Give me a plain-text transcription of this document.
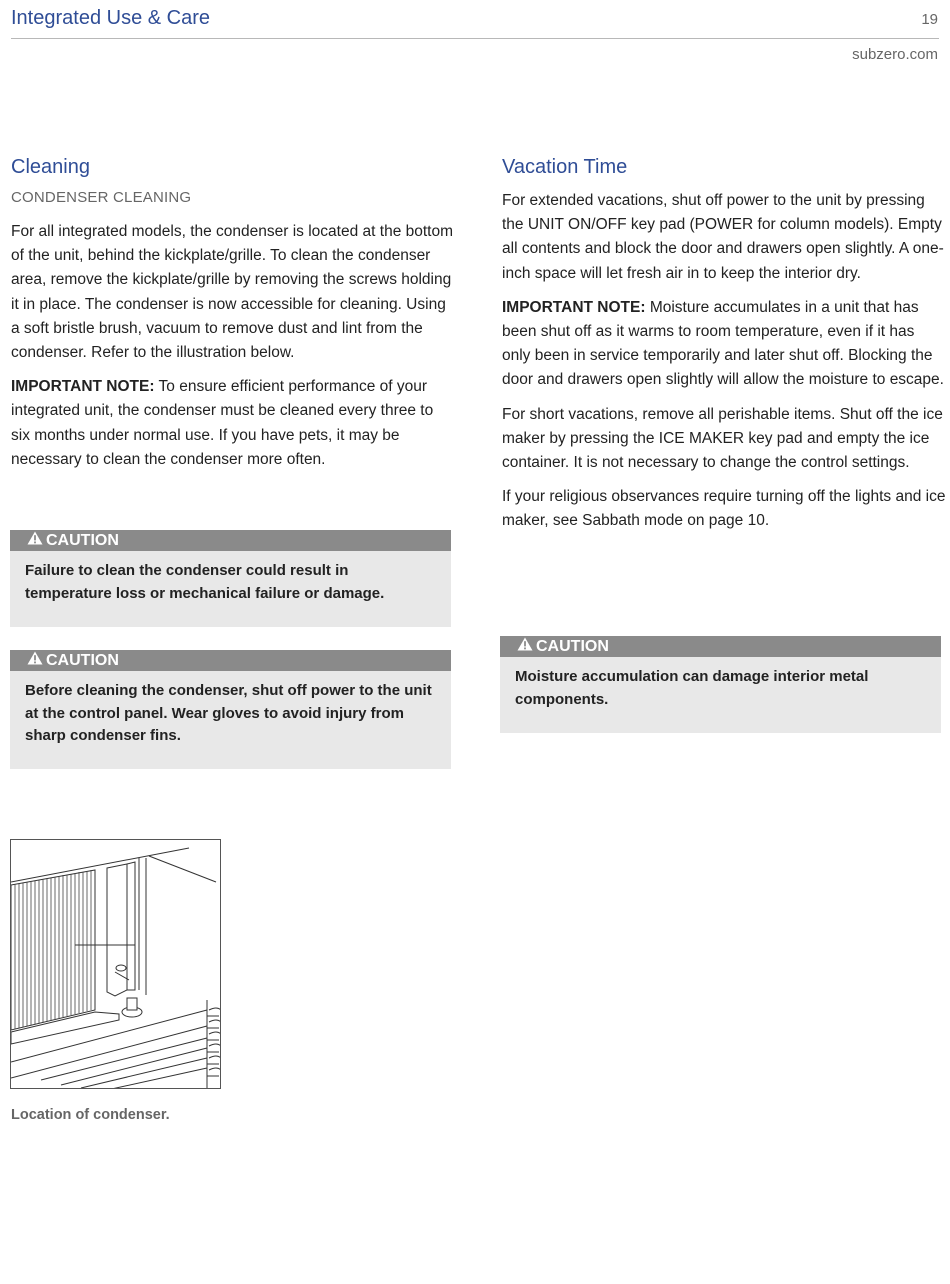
Integrated Use & Care	19
subzero.com
Cleaning
CONDENSER CLEANING

For all integrated models, the condenser is located at the bottom of the unit, behind the kickplate/grille. To clean the condenser area, remove the kickplate/grille by removing the screws holding it in place. The condenser is now accessible for cleaning. Using a soft bristle brush, vacuum to remove dust and lint from the condenser. Refer to the illustration below.

IMPORTANT NOTE: To ensure efficient performance of your integrated unit, the condenser must be cleaned every three to six months under normal use. If you have pets, it may be necessary to clean the condenser more often.

CAUTION
Failure to clean the condenser could result in temperature loss or mechanical failure or damage.
CAUTION
Before cleaning the condenser, shut off power to the unit at the control panel. Wear gloves to avoid injury from sharp condenser fins.
Location of condenser.
Vacation Time

For extended vacations, shut off power to the unit by pressing the UNIT ON/OFF key pad (POWER for column models). Empty all contents and block the door and drawers open slightly. A one-inch space will let fresh air in to keep the interior dry.

IMPORTANT NOTE: Moisture accumulates in a unit that has been shut off as it warms to room temperature, even if it has only been in service temporarily and later shut off. Blocking the door and drawers open slightly will allow the moisture to escape.

For short vacations, remove all perishable items. Shut off the ice maker by pressing the ICE MAKER key pad and empty the ice container. It is not necessary to change the control settings.

If your religious observances require turning off the lights and ice maker, see Sabbath mode on page 10.

CAUTION
Moisture accumulation can damage interior metal components.
